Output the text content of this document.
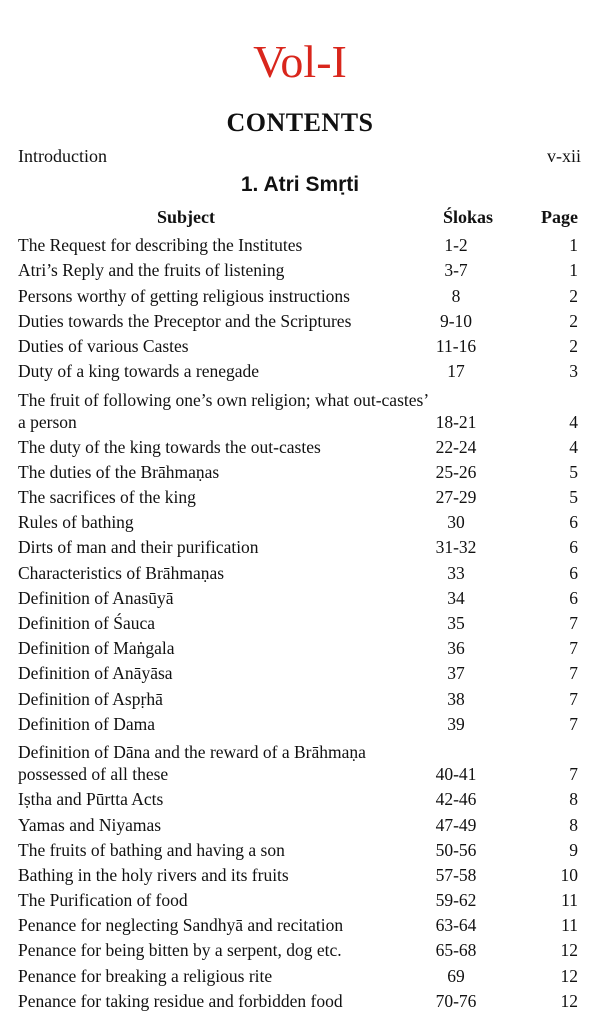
Vol-I
CONTENTS
Introduction	v-xii
1. Atri Smṛti
Subject	Ślokas	Page
The Request for describing the Institutes	1-2	1
Atri’s Reply and the fruits of listening	3-7	1
Persons worthy of getting religious instructions	8	2
Duties towards the Preceptor and the Scriptures	9-10	2
Duties of various Castes	11-16	2
Duty of a king towards a renegade	17	3
The fruit of following one’s own religion; what out-castes’ a person	18-21	4
The duty of the king towards the out-castes	22-24	4
The duties of the Brāhmaṇas	25-26	5
The sacrifices of the king	27-29	5
Rules of bathing	30	6
Dirts of man and their purification	31-32	6
Characteristics of Brāhmaṇas	33	6
Definition of Anasūyā	34	6
Definition of Śauca	35	7
Definition of Maṅgala	36	7
Definition of Anāyāsa	37	7
Definition of Aspṛhā	38	7
Definition of Dama	39	7
Definition of Dāna and the reward of a Brāhmaṇa possessed of all these	40-41	7
Iṣtha and Pūrtta Acts	42-46	8
Yamas and Niyamas	47-49	8
The fruits of bathing and having a son	50-56	9
Bathing in the holy rivers and its fruits	57-58	10
The Purification of food	59-62	11
Penance for neglecting Sandhyā and recitation	63-64	11
Penance for being bitten by a serpent, dog etc.	65-68	12
Penance for breaking a religious rite	69	12
Penance for taking residue and forbidden food	70-76	12
